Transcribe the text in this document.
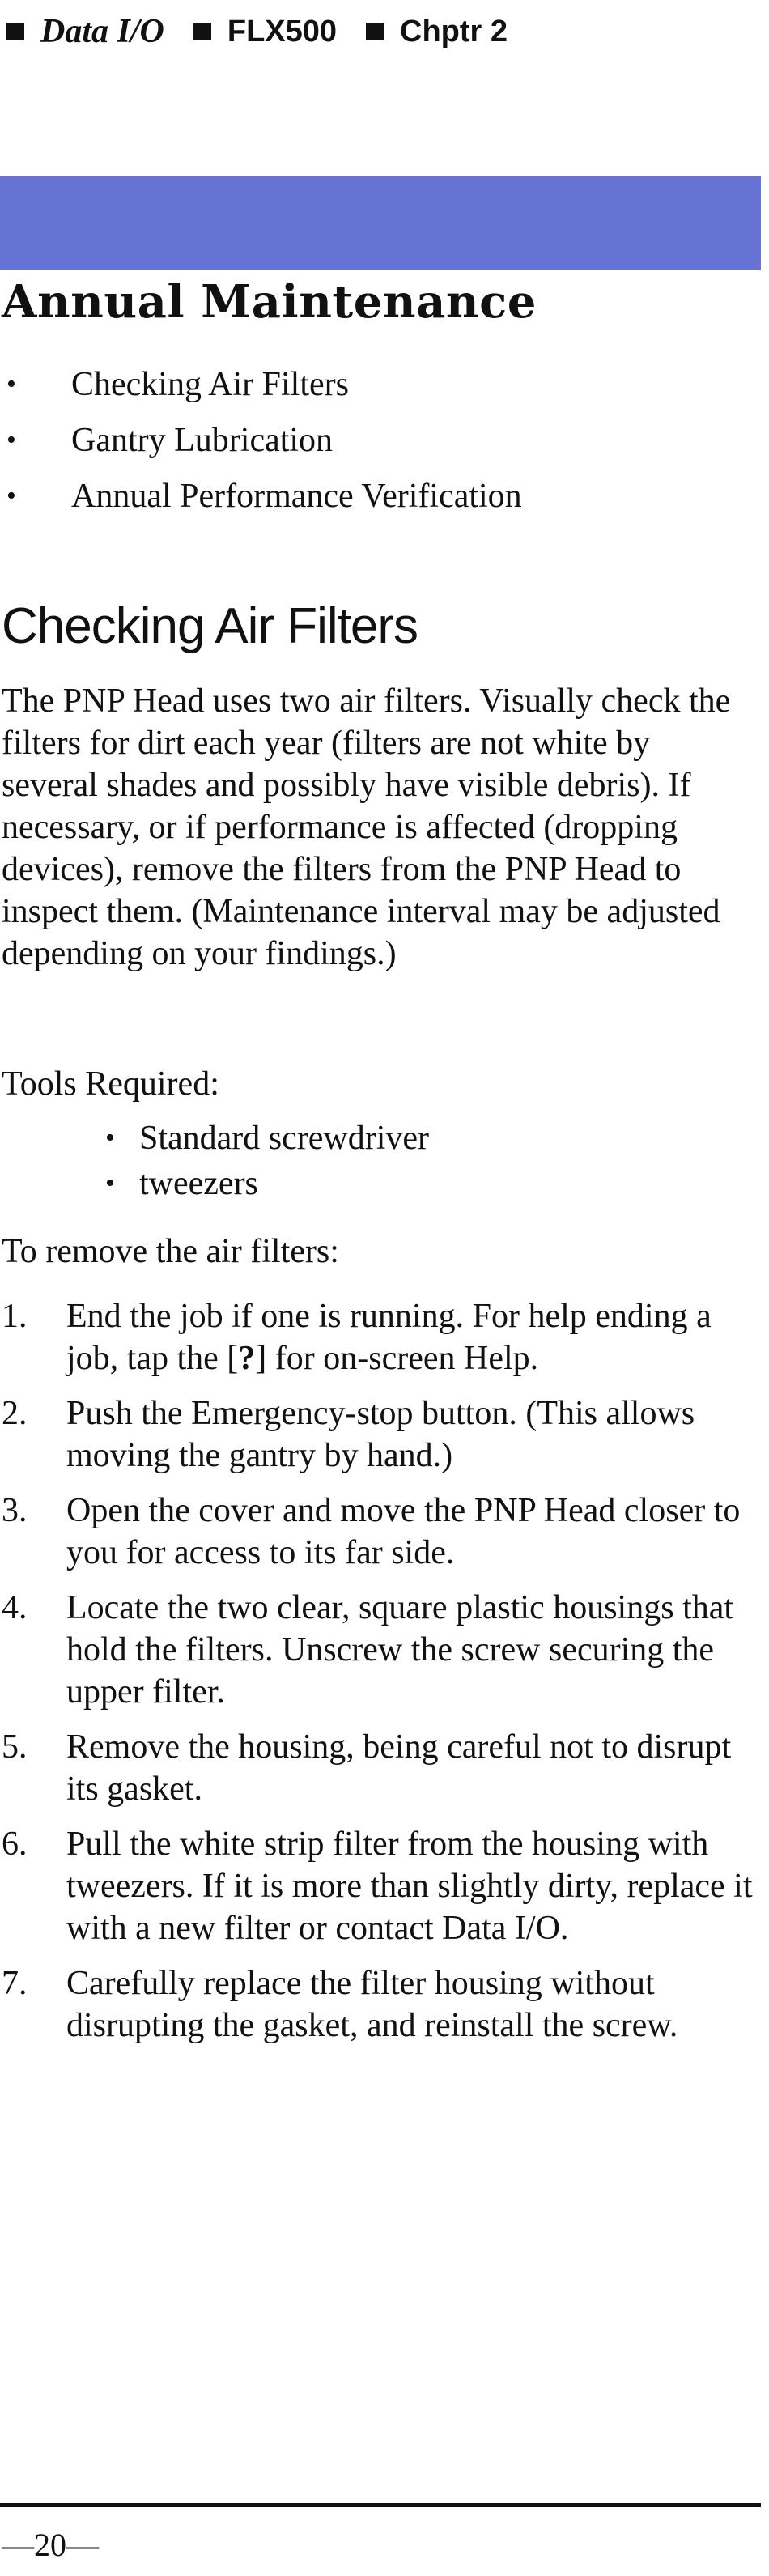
Data I/O FLX500 Chptr 2
Annual Maintenance
•	Checking Air Filters
•	Gantry Lubrication
•	Annual Performance Verification
Checking Air Filters

The PNP Head uses two air filters. Visually check the filters for dirt each year (filters are not white by several shades and possibly have visible debris). If necessary, or if performance is affected (dropping devices), remove the filters from the PNP Head to inspect them. (Maintenance interval may be adjusted depending on your findings.)

Tools Required:

• Standard screwdriver
• tweezers

To remove the air filters:

1.	End the job if one is running. For help ending a job, tap the [?] for on-screen Help.
2.	Push the Emergency-stop button. (This allows moving the gantry by hand.)
3.	Open the cover and move the PNP Head closer to you for access to its far side.
4.	Locate the two clear, square plastic housings that hold the filters. Unscrew the screw securing the upper filter.
5.	Remove the housing, being careful not to disrupt its gasket.
6.	Pull the white strip filter from the housing with tweezers. If it is more than slightly dirty, replace it with a new filter or contact Data I/O.
7.	Carefully replace the filter housing without disrupting the gasket, and reinstall the screw.
—20—
